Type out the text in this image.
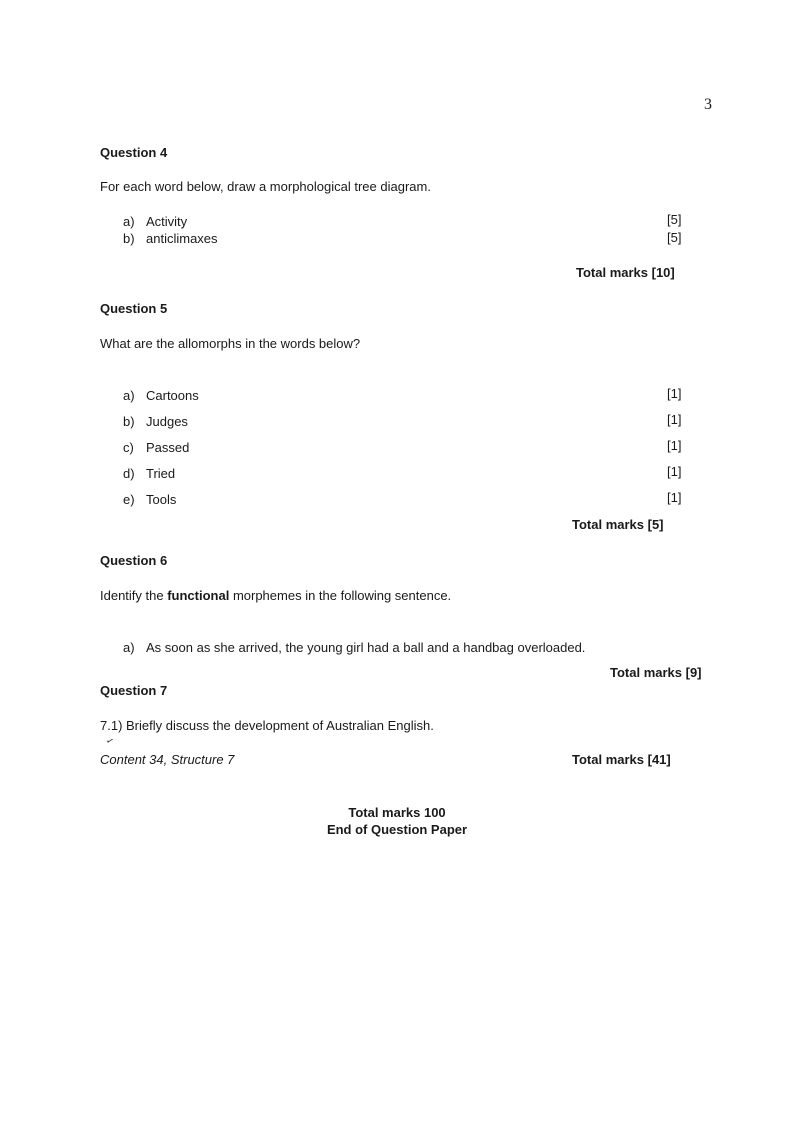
3
Question 4
For each word below, draw a morphological tree diagram.
a) Activity	[5]
b) anticlimaxes	[5]
Total marks [10]
Question 5
What are the allomorphs in the words below?
a) Cartoons	[1]
b) Judges	[1]
c) Passed	[1]
d) Tried	[1]
e) Tools	[1]
Total marks [5]
Question 6
Identify the functional morphemes in the following sentence.
a) As soon as she arrived, the young girl had a ball and a handbag overloaded.
Total marks [9]
Question 7
7.1) Briefly discuss the development of Australian English.
✓
Content 34, Structure 7	Total marks [41]
Total marks 100
End of Question Paper
